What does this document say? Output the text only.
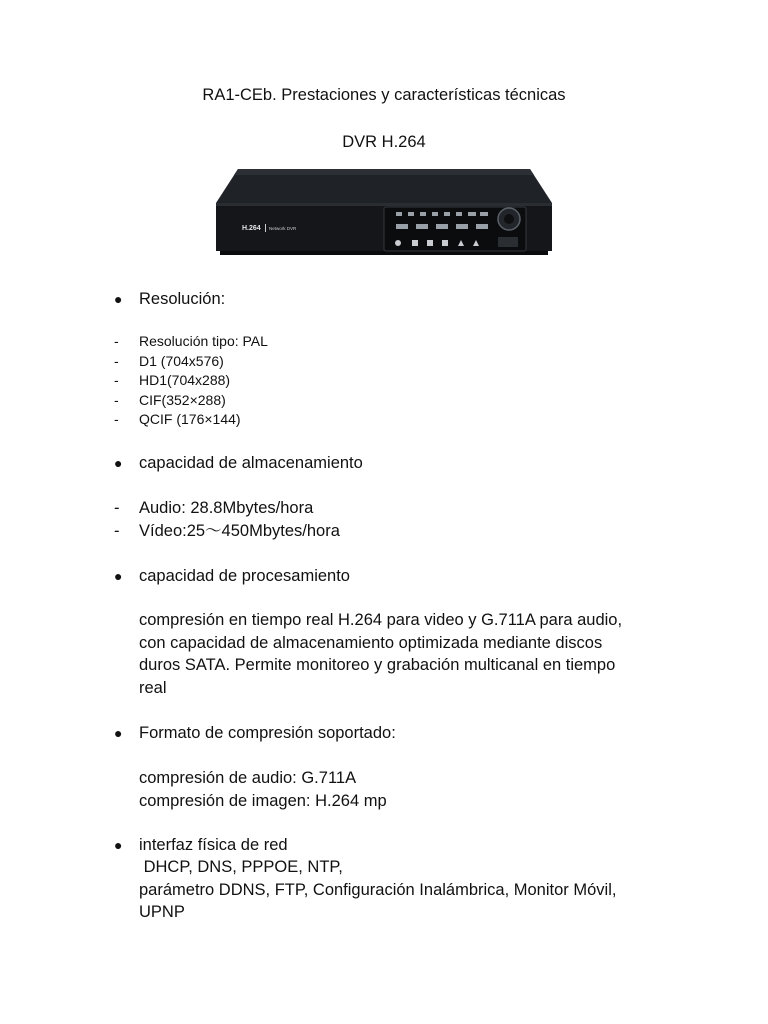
RA1-CEb. Prestaciones y características técnicas
DVR H.264
H.264 Network DVR
● Resolución:
- Resolución tipo: PAL
- D1 (704x576)
- HD1(704x288)
- CIF(352×288)
- QCIF (176×144)
● capacidad de almacenamiento
- Audio: 28.8Mbytes/hora
- Vídeo:25～450Mbytes/hora
● capacidad de procesamiento
compresión en tiempo real H.264 para video y G.711A para audio,
con capacidad de almacenamiento optimizada mediante discos
duros SATA. Permite monitoreo y grabación multicanal en tiempo
real
● Formato de compresión soportado:
compresión de audio: G.711A
compresión de imagen: H.264 mp
● interfaz física de red
DHCP, DNS, PPPOE, NTP,
parámetro DDNS, FTP, Configuración Inalámbrica, Monitor Móvil,
UPNP
